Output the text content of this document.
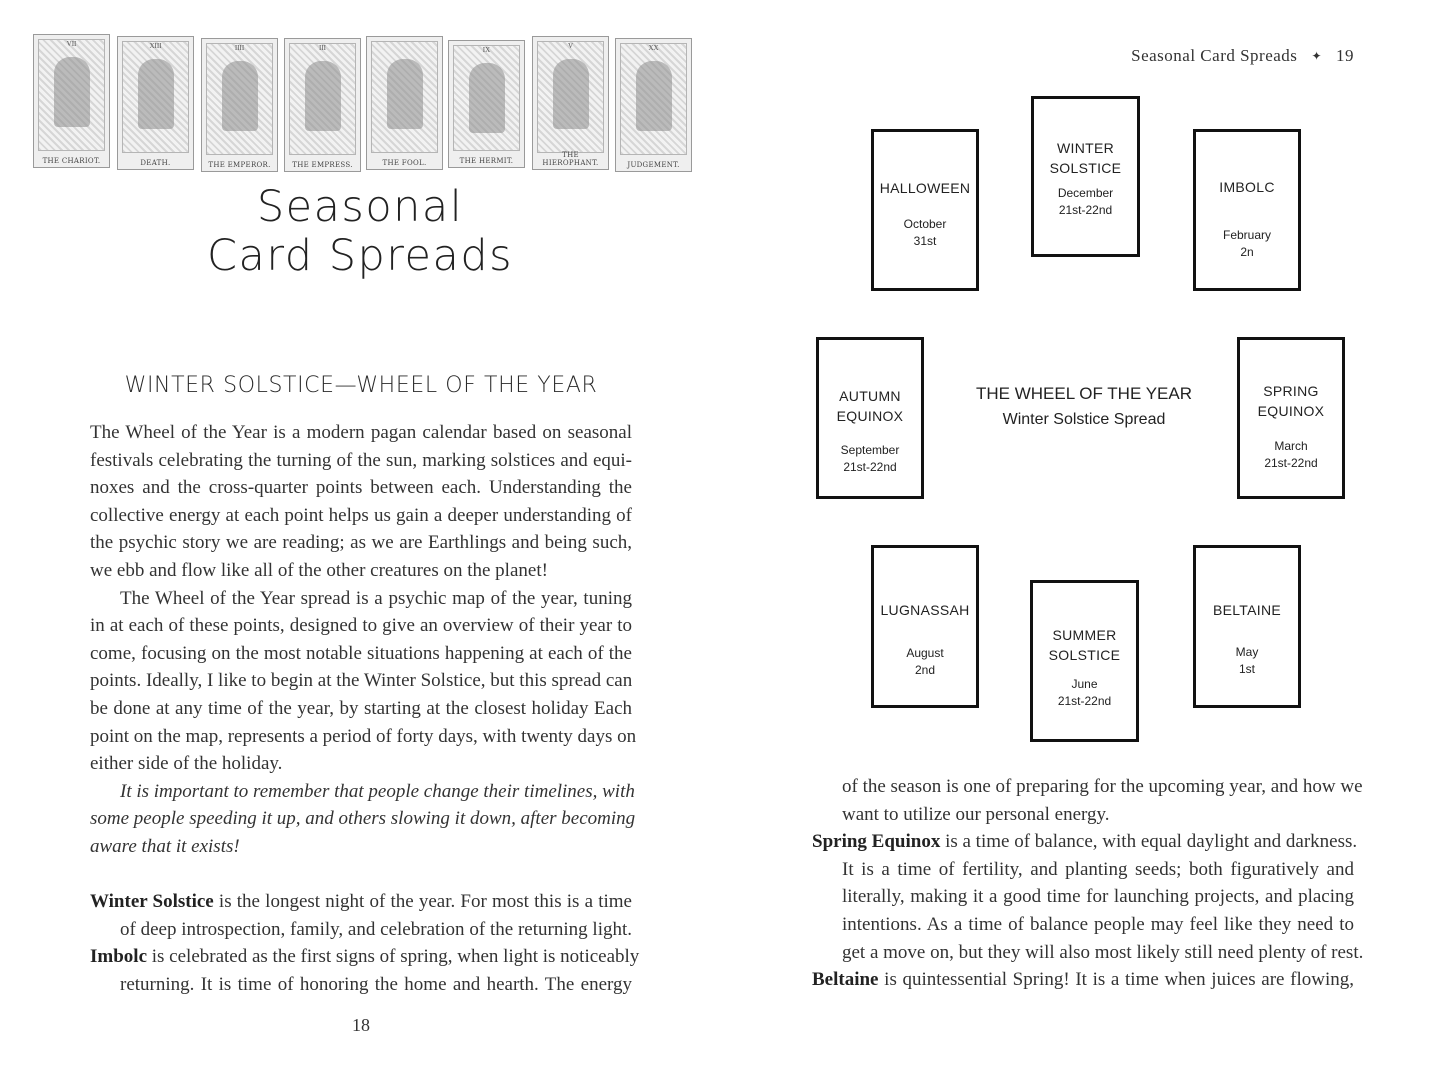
VII
THE CHARIOT.
XIII
DEATH.
IIII
THE EMPEROR.
III
THE EMPRESS.	THE FOOL.
IX
THE HERMIT.
V
THE HIEROPHANT.
XX
JUDGEMENT.
Seasonal
Card Spreads
WINTER SOLSTICE—WHEEL OF THE YEAR
The Wheel of the Year is a modern pagan calendar based on seasonal
festivals celebrating the turning of the sun, marking solstices and equi-
noxes and the cross-quarter points between each. Understanding the
collective energy at each point helps us gain a deeper understanding of
the psychic story we are reading; as we are Earthlings and being such,
we ebb and flow like all of the other creatures on the planet!
The Wheel of the Year spread is a psychic map of the year, tuning
in at each of these points, designed to give an overview of their year to
come, focusing on the most notable situations happening at each of the
points. Ideally, I like to begin at the Winter Solstice, but this spread can
be done at any time of the year, by starting at the closest holiday Each
point on the map, represents a period of forty days, with twenty days on
either side of the holiday.
It is important to remember that people change their timelines, with
some people speeding it up, and others slowing it down, after becoming
aware that it exists!
Winter Solstice is the longest night of the year. For most this is a time
of deep introspection, family, and celebration of the returning light.
Imbolc is celebrated as the first signs of spring, when light is noticeably
returning. It is time of honoring the home and hearth. The energy
18
Seasonal Card Spreads ✦ 19
HALLOWEEN
October
31st
WINTER
SOLSTICE
December
21st-22nd
IMBOLC
February
2n
AUTUMN
EQUINOX
September
21st-22nd
SPRING
EQUINOX
March
21st-22nd
THE WHEEL OF THE YEAR
Winter Solstice Spread
LUGNASSAH
August
2nd
SUMMER
SOLSTICE
June
21st-22nd
BELTAINE
May
1st
of the season is one of preparing for the upcoming year, and how we
want to utilize our personal energy.
Spring Equinox is a time of balance, with equal daylight and darkness.
It is a time of fertility, and planting seeds; both figuratively and
literally, making it a good time for launching projects, and placing
intentions. As a time of balance people may feel like they need to
get a move on, but they will also most likely still need plenty of rest.
Beltaine is quintessential Spring! It is a time when juices are flowing,
